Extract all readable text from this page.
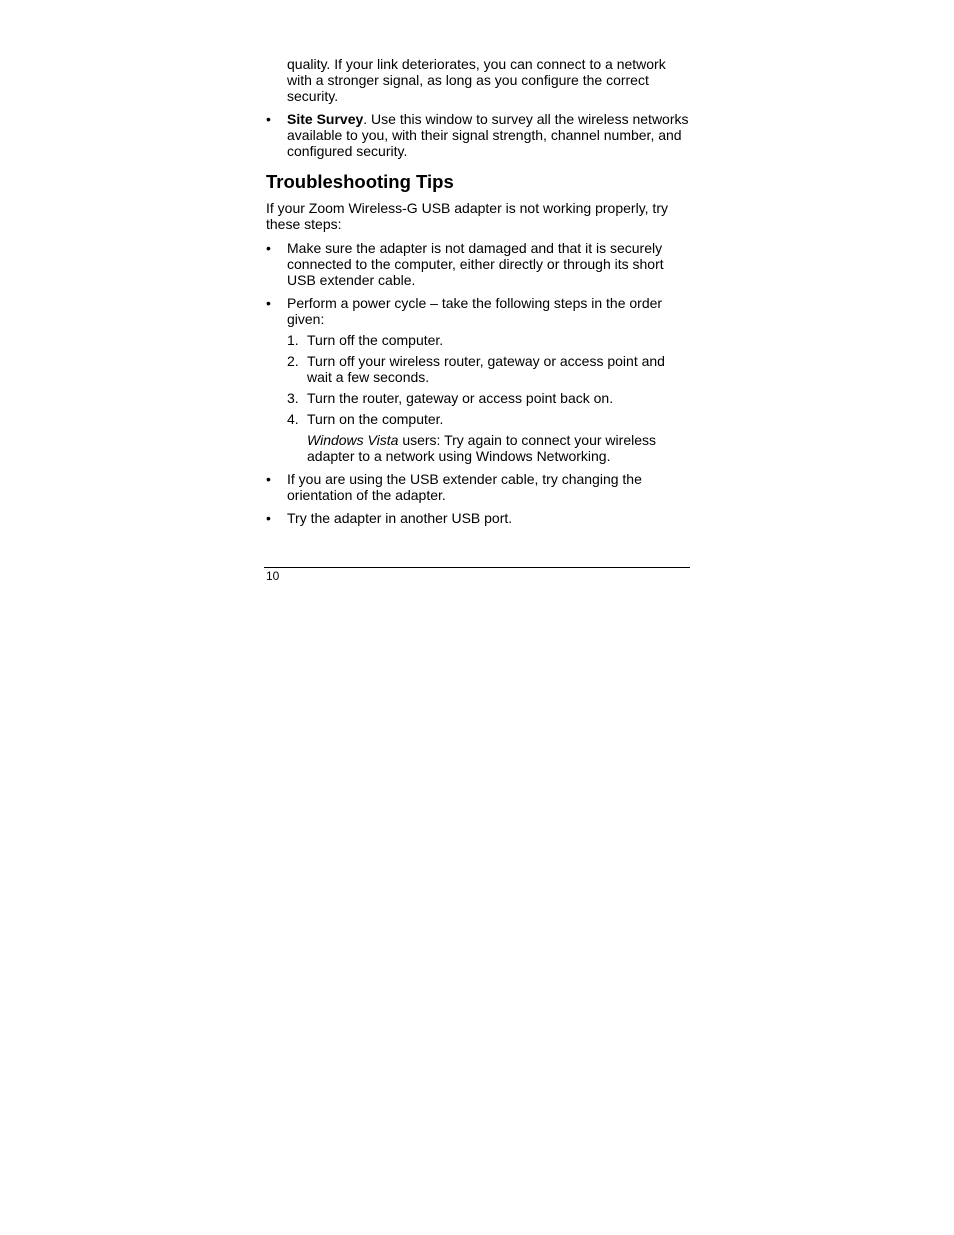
quality. If your link deteriorates, you can connect to a network with a stronger signal, as long as you configure the correct security.

•	Site Survey. Use this window to survey all the wireless networks available to you, with their signal strength, channel number, and configured security.
Troubleshooting Tips

If your Zoom Wireless-G USB adapter is not working properly, try these steps:

•	Make sure the adapter is not damaged and that it is securely connected to the computer, either directly or through its short USB extender cable.
•	Perform a power cycle – take the following steps in the order given:
1. Turn off the computer.
2. Turn off your wireless router, gateway or access point and wait a few seconds.
3. Turn the router, gateway or access point back on.
4. Turn on the computer.

Windows Vista users: Try again to connect your wireless adapter to a network using Windows Networking.

•	If you are using the USB extender cable, try changing the orientation of the adapter.
•	Try the adapter in another USB port.
10
